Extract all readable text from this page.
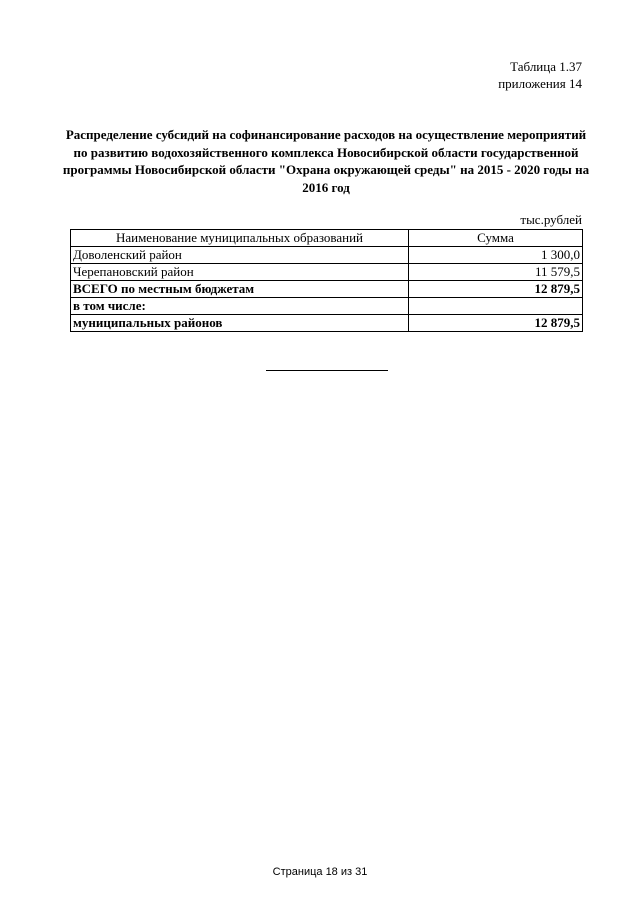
Таблица 1.37
приложения 14
Распределение субсидий на софинансирование расходов на осуществление мероприятий по развитию водохозяйственного комплекса Новосибирской области государственной программы Новосибирской области "Охрана окружающей среды" на 2015 - 2020 годы на 2016 год
тыс.рублей
Наименование муниципальных образований	Сумма
Доволенский район	1 300,0
Черепановский район	11 579,5
ВСЕГО по местным бюджетам	12 879,5
в том числе:	
муниципальных районов	12 879,5
Страница 18 из 31
